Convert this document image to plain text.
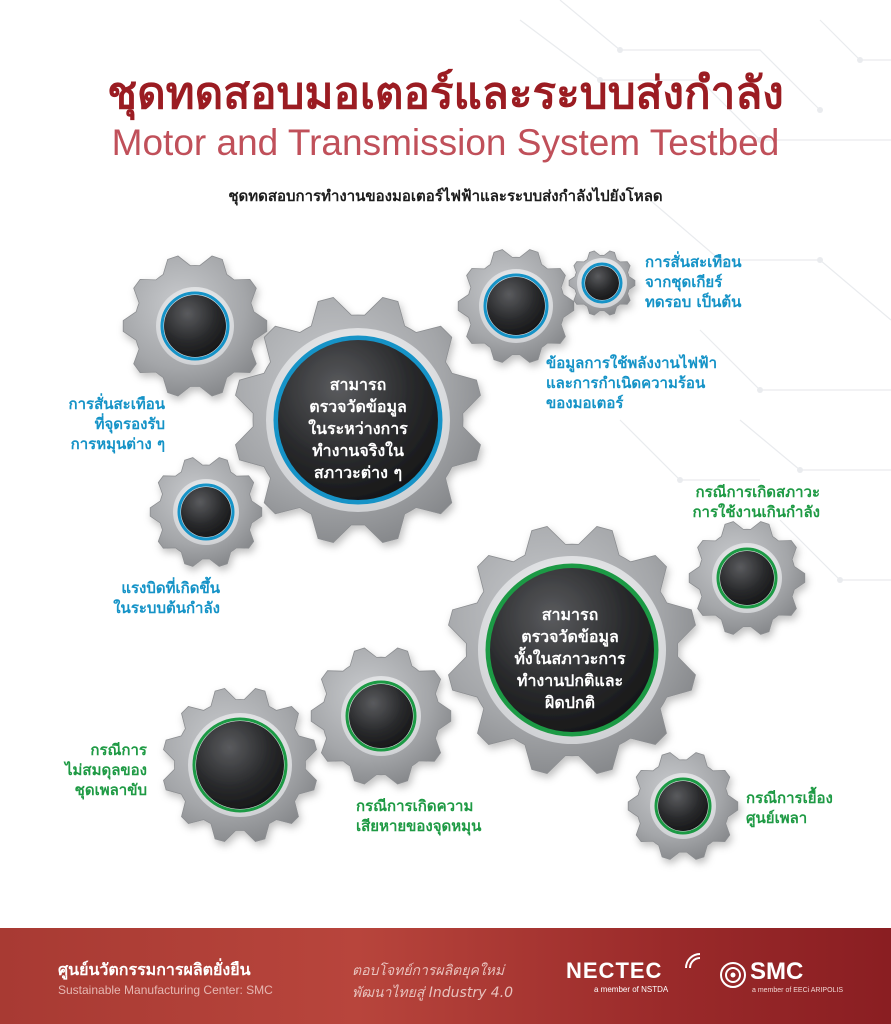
ชุดทดสอบมอเตอร์และระบบส่งกำลัง
Motor and Transmission System Testbed
ชุดทดสอบการทำงานของมอเตอร์ไฟฟ้าและระบบส่งกำลังไปยังโหลด
สามารถ
ตรวจวัดข้อมูล
ในระหว่างการ
ทำงานจริงใน
สภาวะต่าง ๆ
สามารถ
ตรวจวัดข้อมูล
ทั้งในสภาวะการ
ทำงานปกติและ
ผิดปกติ
การสั่นสะเทือน
จากชุดเกียร์
ทดรอบ เป็นต้น
ข้อมูลการใช้พลังงานไฟฟ้า
และการกำเนิดความร้อน
ของมอเตอร์
การสั่นสะเทือน
ที่จุดรองรับ
การหมุนต่าง ๆ
แรงบิดที่เกิดขึ้น
ในระบบต้นกำลัง
กรณีการเกิดสภาวะ
การใช้งานเกินกำลัง
กรณีการ
ไม่สมดุลของ
ชุดเพลาขับ
กรณีการเกิดความ
เสียหายของจุดหมุน
กรณีการเยื้อง
ศูนย์เพลา
ศูนย์นวัตกรรมการผลิตยั่งยืน
Sustainable Manufacturing Center: SMC
ตอบโจทย์การผลิตยุคใหม่
พัฒนาไทยสู่ Industry 4.0
NECTEC
a member of NSTDA
SMC
a member of EECi ARIPOLIS
